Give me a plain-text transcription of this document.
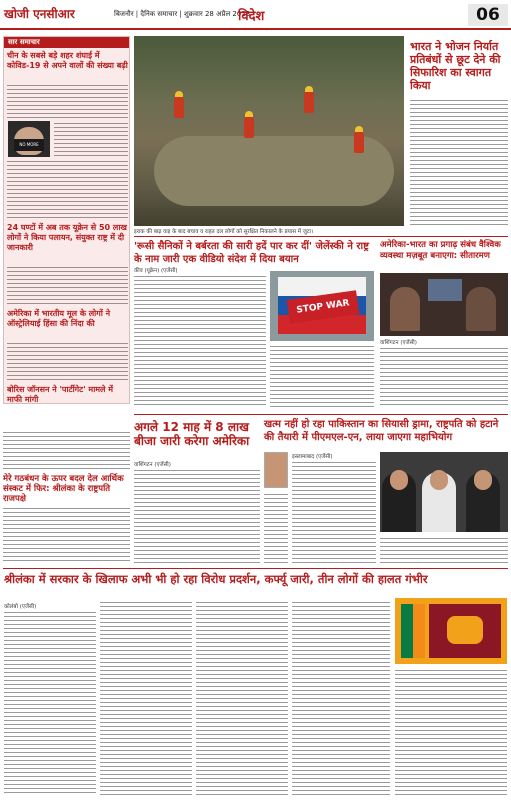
खोजी एनसीआर	बिजनौर | दैनिक समाचार | शुक्रवार 28 अप्रैल 2023
विदेश	06
सार समाचार
चीन के सबसे बड़े शहर शंघाई में कोविड-19 से अपने वालों की संख्या बढ़ी
NO MORE
24 घण्टों में अब तक यूक्रेन से 50 लाख लोगों ने किया पलायन, संयुक्त राष्ट्र में दी जानकारी
अमेरिका में भारतीय मूल के लोगों ने ऑस्ट्रेलियाई हिंसा की निंदा की
बोरिस जॉनसन ने 'पार्टीगेट' मामले में माफी मांगी
मेरे गठबंधन के ऊपर बदल देल आर्थिक संस्कट में फिर: श्रीलंका के राष्ट्रपति राजपक्षे
इराक की बाढ़ वाइ के बाद बचाव व राहत दल लोगों को सुरक्षित निकालने के प्रयास में जुटा।
भारत ने भोजन निर्यात प्रतिबंधों से छूट देने की सिफारिश का स्वागत किया
'रूसी सैनिकों ने बर्बरता की सारी हदें पार कर दीं' जेलेंस्की ने राष्ट्र के नाम जारी एक वीडियो संदेश में दिया बयान
कीव (यूक्रेन) (एजेंसी)
STOP WAR
अमेरिका-भारत का प्रगाढ़ संबंध वैश्विक व्यवस्था मज़बूत बनाएगा: सीतारमण
वाशिंगटन (एजेंसी)
अगले 12 माह में 8 लाख बीजा जारी करेगा अमेरिका
वाशिंगटन (एजेंसी)
खत्म नहीं हो रहा पाकिस्तान का सियासी ड्रामा, राष्ट्रपति को हटाने की तैयारी में पीएमएल-एन, लाया जाएगा महाभियोग
इस्लामाबाद (एजेंसी)
श्रीलंका में सरकार के खिलाफ अभी भी हो रहा विरोध प्रदर्शन, कर्फ्यू जारी, तीन लोगों की हालत गंभीर
कोलंबो (एजेंसी)
